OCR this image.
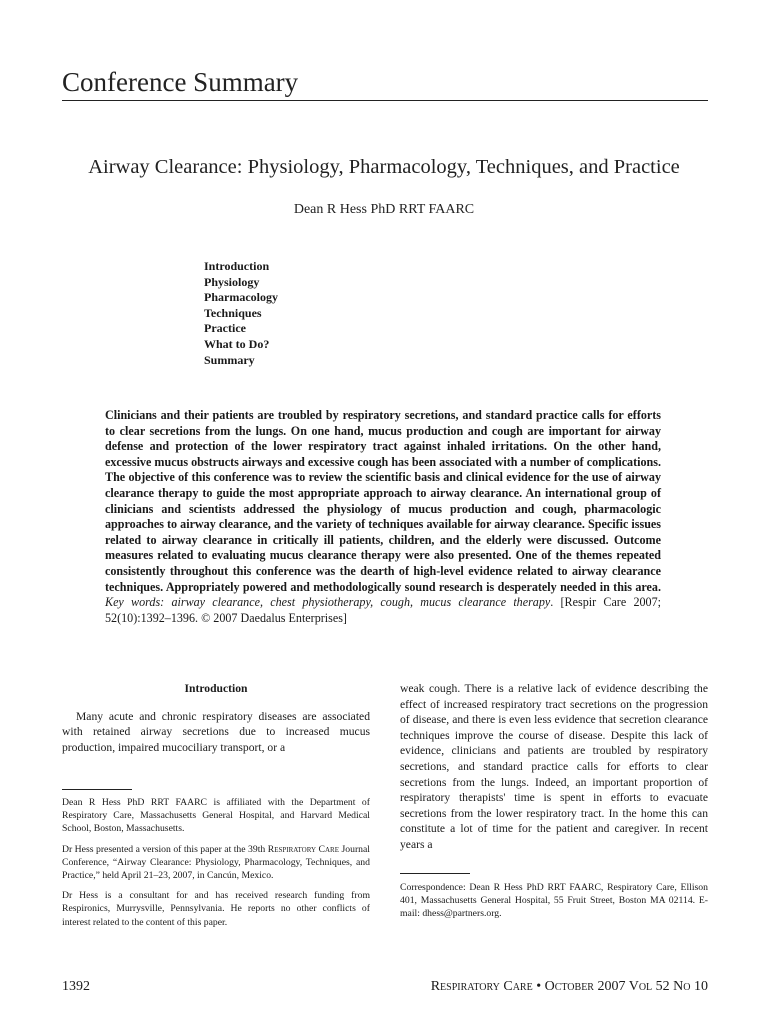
Conference Summary
Airway Clearance: Physiology, Pharmacology, Techniques, and Practice
Dean R Hess PhD RRT FAARC
Introduction
Physiology
Pharmacology
Techniques
Practice
What to Do?
Summary
Clinicians and their patients are troubled by respiratory secretions, and standard practice calls for efforts to clear secretions from the lungs. On one hand, mucus production and cough are important for airway defense and protection of the lower respiratory tract against inhaled irritations. On the other hand, excessive mucus obstructs airways and excessive cough has been associated with a number of complications. The objective of this conference was to review the scientific basis and clinical evidence for the use of airway clearance therapy to guide the most appropriate approach to airway clearance. An international group of clinicians and scientists addressed the physiology of mucus production and cough, pharmacologic approaches to airway clearance, and the variety of techniques available for airway clearance. Specific issues related to airway clearance in critically ill patients, children, and the elderly were discussed. Outcome measures related to evaluating mucus clearance therapy were also presented. One of the themes repeated consistently throughout this conference was the dearth of high-level evidence related to airway clearance techniques. Appropriately powered and methodologically sound research is desperately needed in this area. Key words: airway clearance, chest physiotherapy, cough, mucus clearance therapy. [Respir Care 2007; 52(10):1392–1396. © 2007 Daedalus Enterprises]
Introduction

Many acute and chronic respiratory diseases are associated with retained airway secretions due to increased mucus production, impaired mucociliary transport, or a

Dean R Hess PhD RRT FAARC is affiliated with the Department of Respiratory Care, Massachusetts General Hospital, and Harvard Medical School, Boston, Massachusetts.

Dr Hess presented a version of this paper at the 39th Respiratory Care Journal Conference, “Airway Clearance: Physiology, Pharmacology, Techniques, and Practice,” held April 21–23, 2007, in Cancún, Mexico.

Dr Hess is a consultant for and has received research funding from Respironics, Murrysville, Pennsylvania. He reports no other conflicts of interest related to the content of this paper.

weak cough. There is a relative lack of evidence describing the effect of increased respiratory tract secretions on the progression of disease, and there is even less evidence that secretion clearance techniques improve the course of disease. Despite this lack of evidence, clinicians and patients are troubled by respiratory secretions, and standard practice calls for efforts to clear secretions from the lungs. Indeed, an important proportion of respiratory therapists' time is spent in efforts to evacuate secretions from the lower respiratory tract. In the home this can constitute a lot of time for the patient and caregiver. In recent years a

Correspondence: Dean R Hess PhD RRT FAARC, Respiratory Care, Ellison 401, Massachusetts General Hospital, 55 Fruit Street, Boston MA 02114. E-mail: dhess@partners.org.
1392	Respiratory Care • October 2007 Vol 52 No 10
